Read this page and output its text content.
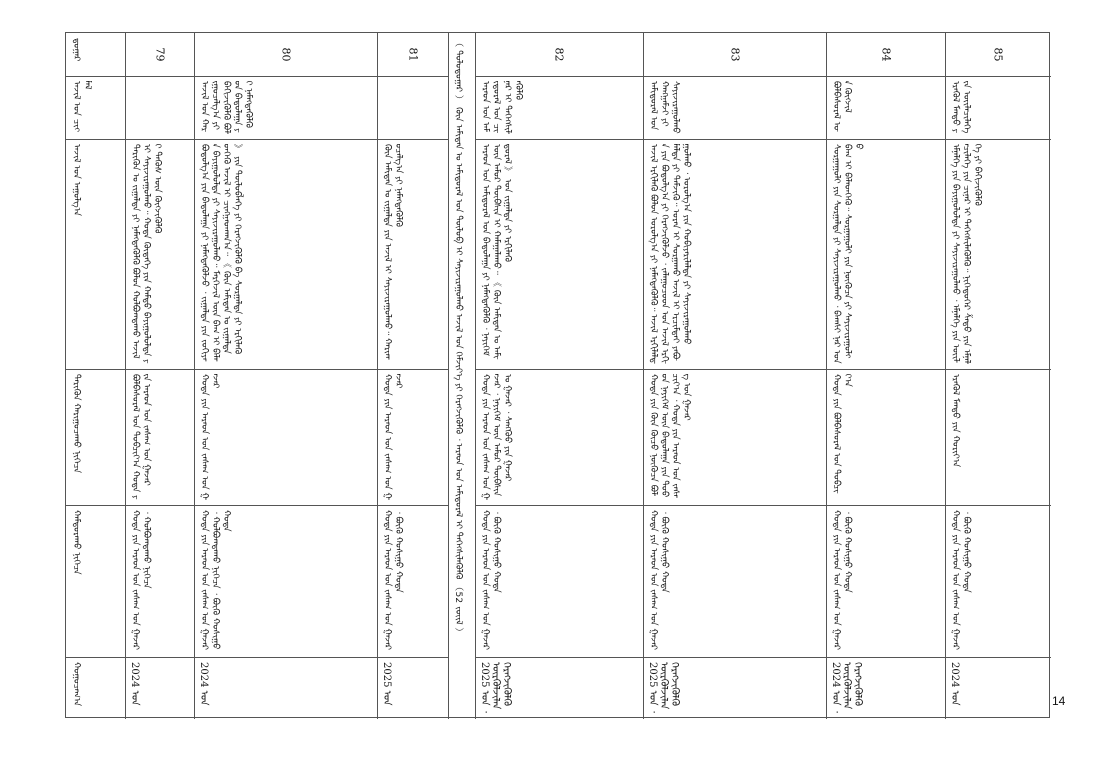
ᠳ᠋ᠤᠭᠠᠷ
ᠠᠵᠢᠯ ᠤᠨ ᠴᠢᠭᠯᠡᠯ
ᠠᠵᠢᠯ ᠤᠨ ᠠᠭᠤᠯᠭ᠎ᠠ
ᠲᠡᠷᠢᠭᠦᠨ ᠬᠠᠷᠢᠭᠤᠴᠠᠬᠤ ᠨᠢᠭᠡᠴᠡ
ᠬᠠᠮᠲᠤᠷᠠᠬᠤ ᠨᠢᠭᠡᠴᠡ
ᠬᠤᠭᠤᠴᠠᠭ᠎ᠠ
79
ᠲᠡᠷᠢᠭᠦᠨ ᠤ ᠵᠢᠭᠠᠯᠲᠠ ᠶᠢ ᠨᠡᠮᠡᠭᠳᠡᠭᠦᠯᠬᠦ ᠪᠣᠯᠤᠨ ᠬᠣᠯᠪᠣᠭᠳᠠᠬᠤ ᠠᠵᠢᠯ ᠢ ᠰᠠᠶᠢᠵᠢᠷᠠᠭᠤᠯᠬᠤ᠃ ᠬᠣᠲᠠ ᠬᠦᠳᠡᠭᠡ ᠶᠢᠨ ᠬᠠᠮᠲᠤ ᠪᠠᠶᠢᠭᠤᠯᠤᠯᠲᠠ ᠶᠢ ᠲᠡᠭᠦᠰ ᠦᠨ ᠬᠦᠭᠵᠢᠭᠦᠯᠬᠦ
ᠪᠣᠯᠪᠠᠰᠤᠷᠠᠯ ᠤᠨ ᠲᠣᠪᠴᠢᠶ᠎ᠠ ᠬᠣᠲᠠ ᠶᠢᠨ ᠠᠷᠠᠳ ᠤᠨ ᠵᠠᠰᠠᠭ ᠤᠨ ᠭᠠᠵᠠᠷ
ᠬᠣᠲᠠ ᠶᠢᠨ ᠠᠷᠠᠳ ᠤᠨ ᠵᠠᠰᠠᠭ ᠤᠨ ᠭᠠᠵᠠᠷ ᠂ ᠬᠣᠯᠪᠣᠭᠳᠠᠬᠤ ᠨᠢᠭᠡᠴᠡ
2024 ᠣᠨ
80
ᠠᠵᠢᠯ ᠤᠨ ᠬᠠᠷᠢᠭᠤᠴᠠᠯᠭ᠎ᠠ ᠶᠢ ᠪᠡᠬᠢᠵᠢᠭᠦᠯᠬᠦ ᠪᠣᠯᠤᠨ ᠪᠠᠲᠤᠯᠠᠭᠠ ᠶᠢ ᠨᠡᠮᠡᠭᠳᠡᠭᠦᠯᠬᠦ
ᠪᠣᠳᠣᠯᠭ᠎ᠠ ᠶᠢᠨ ᠪᠠᠲᠤᠯᠠᠭᠠ ᠶᠢ ᠨᠡᠮᠡᠭᠳᠡᠭᠦᠯᠵᠦ ᠂ ᠵᠢᠭᠠᠯᠲᠠ ᠶᠢᠨ ᠵᠣᠬᠢᠶᠠᠨ ᠪᠠᠶᠢᠭᠤᠯᠤᠯᠲᠠ ᠶᠢ ᠰᠠᠶᠢᠵᠢᠷᠠᠭᠤᠯᠬᠤ᠃ ᠮᠡᠷᠭᠡᠵᠢᠯ ᠦᠨ ᠪᠠᠭ ᠢ ᠪᠡᠯᠡᠳᠬᠡᠬᠦ ᠠᠵᠢᠯ ᠢ ᠴᠢᠩᠭᠠᠳᠬᠠᠨ᠎ᠠ᠃ 《 ᠬᠦᠨ ᠠᠮᠢᠲᠠᠨ ᠤ ᠵᠢᠭᠠᠯᠲᠠ 》 ᠶᠢᠨ ᠲᠥᠯᠥᠪᠯᠡᠭᠡ ᠶᠢ ᠬᠡᠷᠡᠭᠵᠢᠭᠦᠯᠬᠦ ᠪᠠ ᠰᠤᠷᠭᠠᠯᠲᠠ ᠶᠢ ᠡᠷᠬᠢᠯᠡᠬᠦ
ᠬᠣᠲᠠ ᠶᠢᠨ ᠠᠷᠠᠳ ᠤᠨ ᠵᠠᠰᠠᠭ ᠤᠨ ᠭᠠᠵᠠᠷ
ᠬᠣᠲᠠ ᠶᠢᠨ ᠠᠷᠠᠳ ᠤᠨ ᠵᠠᠰᠠᠭ ᠤᠨ ᠭᠠᠵᠠᠷ ᠂ ᠬᠣᠯᠪᠣᠭᠳᠠᠬᠤ ᠨᠢᠭᠡᠴᠡ ᠂ ᠪᠦᠬᠦ ᠬᠣᠰᠢᠭᠤ ᠬᠣᠲᠠ
2024 ᠣᠨ
81
ᠬᠦᠨ ᠠᠮᠢᠲᠠᠨ ᠤ ᠵᠢᠭᠠᠯᠲᠠ ᠶᠢᠨ ᠠᠵᠢᠯ ᠢ ᠰᠠᠶᠢᠵᠢᠷᠠᠭᠤᠯᠬᠤ᠃ ᠬᠠᠷᠢᠭᠤᠴᠠᠯᠭ᠎ᠠ ᠶᠢ ᠨᠡᠮᠡᠭᠳᠡᠭᠦᠯᠬᠦ
ᠬᠣᠲᠠ ᠶᠢᠨ ᠠᠷᠠᠳ ᠤᠨ ᠵᠠᠰᠠᠭ ᠤᠨ ᠭᠠᠵᠠᠷ
ᠬᠣᠲᠠ ᠶᠢᠨ ᠠᠷᠠᠳ ᠤᠨ ᠵᠠᠰᠠᠭ ᠤᠨ ᠭᠠᠵᠠᠷ ᠂ ᠪᠦᠬᠦ ᠬᠣᠰᠢᠭᠤ ᠬᠣᠲᠠ
2025 ᠣᠨ
（ ᠳᠣᠯᠣᠳᠤᠭᠠᠷ ） ᠬᠦᠨ ᠠᠮᠢᠲᠠᠨ ᠤ ᠠᠮᠢᠳᠤᠷᠠᠯ ᠤᠨ ᠲᠥᠯᠥᠪ ᠢ ᠰᠠᠶᠢᠵᠢᠷᠠᠭᠤᠯᠬᠤ ᠠᠵᠢᠯ ᠤᠨ ᠬᠡᠮᠵᠢᠶ᠎ᠡ ᠶᠢ ᠬᠡᠷᠡᠭᠵᠢᠭᠦᠯᠬᠦ ᠂ ᠠᠷᠠᠳ ᠤᠨ ᠠᠮᠢᠳᠤᠷᠠᠯ ᠢ ᠳᠡᠭᠡᠭᠰᠢᠯᠡᠭᠦᠯᠬᠦ （52 ᠵᠦᠢᠯ ）	82
ᠠᠷᠠᠳ ᠤᠨ ᠠᠮᠢᠳᠤᠷᠠᠯ ᠤᠨ ᠴᠢᠨᠠᠷ ᠢ ᠳᠡᠭᠡᠭᠰᠢᠯᠡᠭᠦᠯᠬᠦ
ᠠᠷᠠᠳ ᠤᠨ ᠠᠮᠢᠳᠤᠷᠠᠯ ᠤᠨ ᠪᠠᠲᠤᠯᠠᠭᠠ ᠶᠢ ᠨᠡᠮᠡᠭᠳᠡᠭᠦᠯᠬᠦ ᠂ ᠨᠡᠶᠢᠭᠡᠮ ᠦᠨ ᠠᠮᠤᠷ ᠲᠦᠪᠰᠢᠨ ᠢ ᠬᠠᠮᠠᠭᠠᠯᠠᠬᠤ᠃ 《 ᠬᠦᠨ ᠠᠮᠢᠲᠠᠨ ᠤ ᠠᠮᠢᠳᠤᠷᠠᠯ 》 ᠤᠨ ᠵᠢᠭᠠᠯᠲᠠ ᠶᠢ ᠡᠷᠬᠢᠯᠡᠬᠦ
ᠬᠣᠲᠠ ᠶᠢᠨ ᠠᠷᠠᠳ ᠤᠨ ᠵᠠᠰᠠᠭ ᠤᠨ ᠭᠠᠵᠠᠷ ᠂ ᠨᠡᠶᠢᠭᠡᠮ ᠦᠨ ᠠᠮᠤᠷ ᠲᠦᠪᠰᠢᠨ ᠤ ᠭᠠᠵᠠᠷ ᠂ ᠰᠠᠩᠬᠦᠦ ᠶᠢᠨ ᠭᠠᠵᠠᠷ
ᠬᠣᠲᠠ ᠶᠢᠨ ᠠᠷᠠᠳ ᠤᠨ ᠵᠠᠰᠠᠭ ᠤᠨ ᠭᠠᠵᠠᠷ ᠂ ᠪᠦᠬᠦ ᠬᠣᠰᠢᠭᠤ ᠬᠣᠲᠠ
2025 ᠣᠨ ᠂ ᠦᠷᠬᠦᠯᠵᠢᠯᠡᠨ ᠬᠡᠷᠡᠭᠵᠢᠭᠦᠯᠬᠦ
83
ᠠᠮᠢᠳᠤᠷᠠᠯ ᠤᠨ ᠬᠠᠩᠭᠠᠮᠵᠢ ᠶᠢ ᠰᠠᠶᠢᠵᠢᠷᠠᠭᠤᠯᠬᠤ
ᠠᠵᠢᠯ ᠡᠷᠬᠢᠯᠡᠬᠦ ᠪᠣᠯᠤᠨ ᠣᠷᠣᠯᠭ᠎ᠠ ᠶᠢ ᠨᠡᠮᠡᠭᠳᠡᠭᠦᠯᠬᠦ᠃ ᠠᠵᠢᠯ ᠡᠷᠬᠢᠯᠡᠯᠲᠡ ᠶᠢᠨ ᠪᠣᠳᠣᠯᠭ᠎ᠠ ᠶᠢ ᠬᠡᠷᠡᠭᠵᠢᠭᠦᠯᠵᠦ ᠂ ᠵᠠᠯᠠᠭᠤᠴᠤᠳ ᠤᠨ ᠠᠵᠢᠯ ᠡᠷᠬᠢᠯᠡᠯᠲᠡ ᠶᠢ ᠳᠡᠮᠵᠢᠬᠦ᠃ ᠤᠷᠠᠨ ᠢ ᠰᠤᠷᠭᠠᠬᠤ ᠠᠵᠢᠯ ᠢ ᠡᠷᠴᠢᠮᠳᠡᠢ ᠶᠠᠪᠤᠭᠤᠯᠬᠤ ᠂ ᠣᠷᠣᠯᠭ᠎ᠠ ᠶᠢᠨ ᠬᠤᠪᠢᠶᠠᠷᠢᠯᠠᠯᠲᠠ ᠶᠢ ᠰᠠᠶᠢᠵᠢᠷᠠᠭᠤᠯᠬᠤ
ᠬᠣᠲᠠ ᠶᠢᠨ ᠬᠦᠨ ᠬᠦᠴᠦ ᠨᠥᠭᠦᠴᠡ ᠪᠣᠯᠤᠨ ᠨᠡᠶᠢᠭᠡᠮ ᠦᠨ ᠪᠠᠲᠤᠯᠠᠭᠠ ᠶᠢᠨ ᠲᠣᠪᠴᠢᠶ᠎ᠠ ᠂ ᠬᠣᠲᠠ ᠶᠢᠨ ᠠᠷᠠᠳ ᠤᠨ ᠵᠠᠰᠠᠭ ᠤᠨ ᠭᠠᠵᠠᠷ
ᠬᠣᠲᠠ ᠶᠢᠨ ᠠᠷᠠᠳ ᠤᠨ ᠵᠠᠰᠠᠭ ᠤᠨ ᠭᠠᠵᠠᠷ ᠂ ᠪᠦᠬᠦ ᠬᠣᠰᠢᠭᠤ ᠬᠣᠲᠠ
2025 ᠣᠨ ᠂ ᠦᠷᠬᠦᠯᠵᠢᠯᠡᠨ ᠬᠡᠷᠡᠭᠵᠢᠭᠦᠯᠬᠦ
84
ᠪᠣᠯᠪᠠᠰᠤᠷᠠᠯ ᠤᠨ ᠬᠥᠭᠵᠢᠯ
ᠰᠤᠷᠭᠠᠭᠤᠯᠢ ᠶᠢᠨ ᠰᠤᠷᠭᠠᠯᠲᠠ ᠶᠢ ᠰᠠᠶᠢᠵᠢᠷᠠᠭᠤᠯᠬᠤ ᠂ ᠪᠠᠭᠰᠢ ᠨᠠᠷ ᠤᠨ ᠪᠠᠭ ᠢ ᠪᠡᠯᠡᠳᠬᠡᠬᠦ᠃ ᠰᠤᠷᠭᠠᠭᠤᠯᠢ ᠶᠢᠨ ᠨᠥᠭᠦᠴᠡ ᠶᠢ ᠰᠠᠶᠢᠵᠢᠷᠠᠭᠤᠯᠬᠤ
ᠬᠣᠲᠠ ᠶᠢᠨ ᠪᠣᠯᠪᠠᠰᠤᠷᠠᠯ ᠤᠨ ᠲᠣᠪᠴᠢᠶ᠎ᠠ
ᠬᠣᠲᠠ ᠶᠢᠨ ᠠᠷᠠᠳ ᠤᠨ ᠵᠠᠰᠠᠭ ᠤᠨ ᠭᠠᠵᠠᠷ ᠂ ᠪᠦᠬᠦ ᠬᠣᠰᠢᠭᠤ ᠬᠣᠲᠠ
2024 ᠣᠨ ᠂ ᠦᠷᠬᠦᠯᠵᠢᠯᠡᠨ ᠬᠡᠷᠡᠭᠵᠢᠭᠦᠯᠬᠦ
85
ᠡᠷᠡᠭᠦᠯ ᠮᠡᠨᠳᠦ ᠶᠢᠨ ᠦᠢᠯᠡᠴᠢᠯᠡᠭᠡ
ᠡᠮᠨᠡᠯᠭᠡ ᠶᠢᠨ ᠪᠠᠶᠢᠭᠤᠯᠤᠯᠲᠠ ᠶᠢ ᠰᠠᠶᠢᠵᠢᠷᠠᠭᠤᠯᠬᠤ ᠂ ᠡᠮᠨᠡᠯᠭᠡ ᠶᠢᠨ ᠦᠢᠯᠡᠴᠢᠯᠡᠭᠡ ᠶᠢᠨ ᠴᠢᠨᠠᠷ ᠢ ᠳᠡᠭᠡᠭᠰᠢᠯᠡᠭᠦᠯᠬᠦ᠃ ᠨᠢᠭᠡᠳᠦᠭᠡᠷ ᠱᠠᠲᠤ ᠶᠢᠨ ᠡᠮᠨᠡᠯᠭᠡ ᠶᠢ ᠪᠡᠬᠢᠵᠢᠭᠦᠯᠬᠦ
ᠡᠷᠡᠭᠦᠯ ᠮᠡᠨᠳᠦ ᠶᠢᠨ ᠬᠣᠷᠢᠶ᠎ᠠ
ᠬᠣᠲᠠ ᠶᠢᠨ ᠠᠷᠠᠳ ᠤᠨ ᠵᠠᠰᠠᠭ ᠤᠨ ᠭᠠᠵᠠᠷ ᠂ ᠪᠦᠬᠦ ᠬᠣᠰᠢᠭᠤ ᠬᠣᠲᠠ
2024 ᠣᠨ	14
